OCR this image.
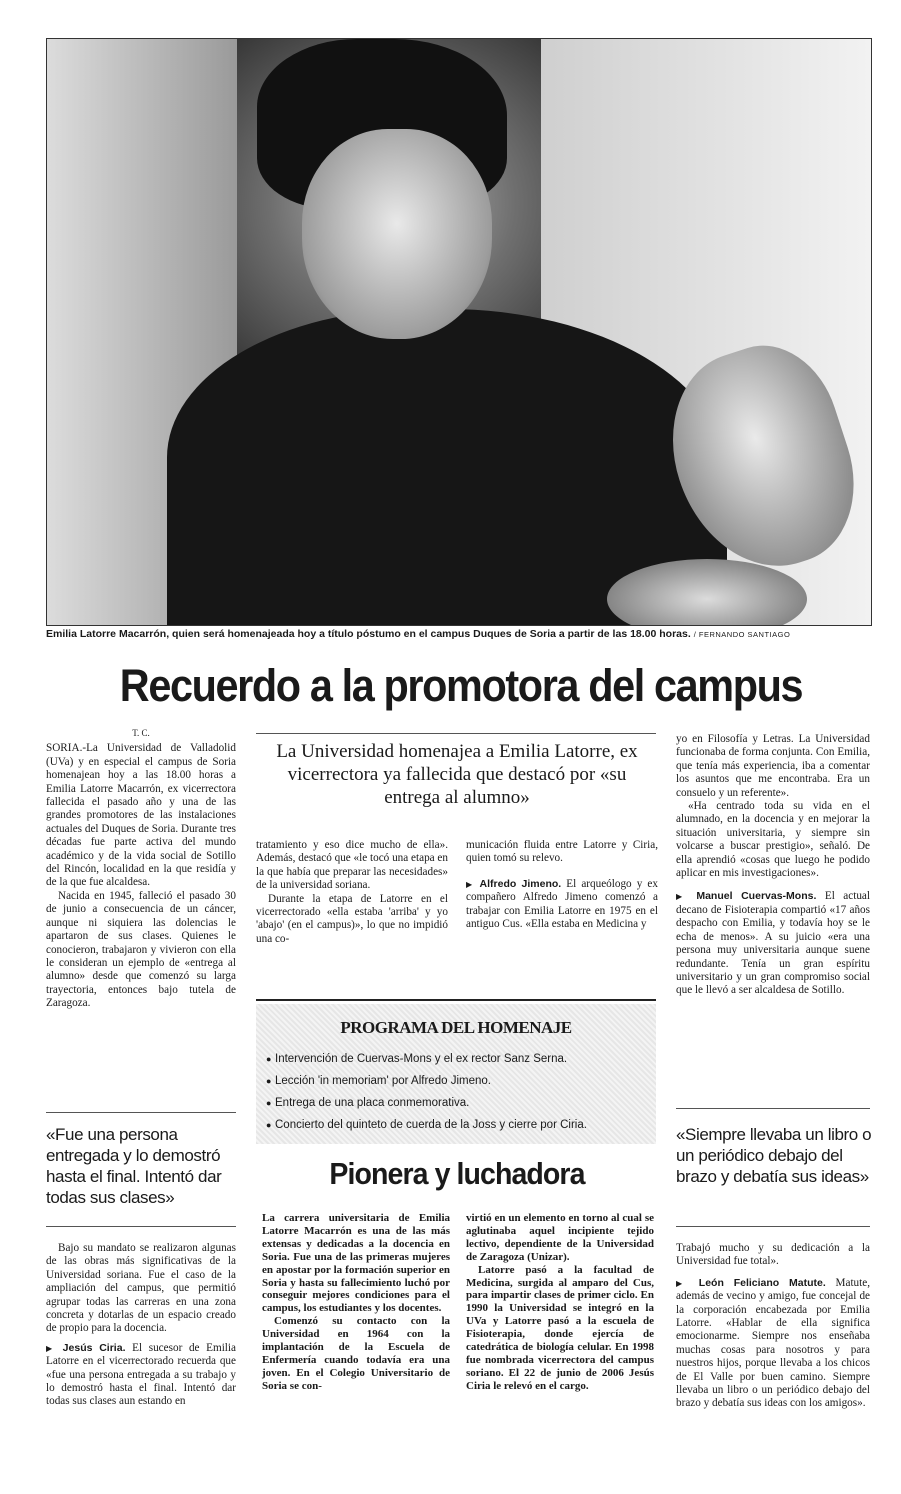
Emilia Latorre Macarrón, quien será homenajeada hoy a título póstumo en el campus Duques de Soria a partir de las 18.00 horas. / FERNANDO SANTIAGO
Recuerdo a la promotora del campus
T. C.

SORIA.-La Universidad de Valladolid (UVa) y en especial el campus de Soria homenajean hoy a las 18.00 horas a Emilia Latorre Macarrón, ex vicerrectora fallecida el pasado año y una de las grandes promotores de las instalaciones actuales del Duques de Soria. Durante tres décadas fue parte activa del mundo académico y de la vida social de Sotillo del Rincón, localidad en la que residía y de la que fue alcaldesa.

Nacida en 1945, falleció el pasado 30 de junio a consecuencia de un cáncer, aunque ni siquiera las dolencias le apartaron de sus clases. Quienes le conocieron, trabajaron y vivieron con ella le consideran un ejemplo de «entrega al alumno» desde que comenzó su larga trayectoria, entonces bajo tutela de Zaragoza.

«Fue una persona entregada y lo demostró hasta el final. Intentó dar todas sus clases»

Bajo su mandato se realizaron algunas de las obras más significativas de la Universidad soriana. Fue el caso de la ampliación del campus, que permitió agrupar todas las carreras en una zona concreta y dotarlas de un espacio creado de propio para la docencia.

▶ Jesús Ciria. El sucesor de Emilia Latorre en el vicerrectorado recuerda que «fue una persona entregada a su trabajo y lo demostró hasta el final. Intentó dar todas sus clases aun estando en

La Universidad homenajea a Emilia Latorre, ex vicerrectora ya fallecida que destacó por «su entrega al alumno»

tratamiento y eso dice mucho de ella». Además, destacó que «le tocó una etapa en la que había que preparar las necesidades» de la universidad soriana.

Durante la etapa de Latorre en el vicerrectorado «ella estaba 'arriba' y yo 'abajo' (en el campus)», lo que no impidió una co-

municación fluida entre Latorre y Ciria, quien tomó su relevo.

▶ Alfredo Jimeno. El arqueólogo y ex compañero Alfredo Jimeno comenzó a trabajar con Emilia Latorre en 1975 en el antiguo Cus. «Ella estaba en Medicina y

PROGRAMA DEL HOMENAJE
● Intervención de Cuervas-Mons y el ex rector Sanz Serna.
● Lección 'in memoriam' por Alfredo Jimeno.
● Entrega de una placa conmemorativa.
● Concierto del quinteto de cuerda de la Joss y cierre por Ciria.
Pionera y luchadora

La carrera universitaria de Emilia Latorre Macarrón es una de las más extensas y dedicadas a la docencia en Soria. Fue una de las primeras mujeres en apostar por la formación superior en Soria y hasta su fallecimiento luchó por conseguir mejores condiciones para el campus, los estudiantes y los docentes.

Comenzó su contacto con la Universidad en 1964 con la implantación de la Escuela de Enfermería cuando todavía era una joven. En el Colegio Universitario de Soria se con-

virtió en un elemento en torno al cual se aglutinaba aquel incipiente tejido lectivo, dependiente de la Universidad de Zaragoza (Unizar).

Latorre pasó a la facultad de Medicina, surgida al amparo del Cus, para impartir clases de primer ciclo. En 1990 la Universidad se integró en la UVa y Latorre pasó a la escuela de Fisioterapia, donde ejercía de catedrática de biología celular. En 1998 fue nombrada vicerrectora del campus soriano. El 22 de junio de 2006 Jesús Ciria le relevó en el cargo.

yo en Filosofía y Letras. La Universidad funcionaba de forma conjunta. Con Emilia, que tenía más experiencia, iba a comentar los asuntos que me encontraba. Era un consuelo y un referente».

«Ha centrado toda su vida en el alumnado, en la docencia y en mejorar la situación universitaria, y siempre sin volcarse a buscar prestigio», señaló. De ella aprendió «cosas que luego he podido aplicar en mis investigaciones».

▶ Manuel Cuervas-Mons. El actual decano de Fisioterapia compartió «17 años despacho con Emilia, y todavía hoy se le echa de menos». A su juicio «era una persona muy universitaria aunque suene redundante. Tenía un gran espíritu universitario y un gran compromiso social que le llevó a ser alcaldesa de Sotillo.

«Siempre llevaba un libro o un periódico debajo del brazo y debatía sus ideas»

Trabajó mucho y su dedicación a la Universidad fue total».

▶ León Feliciano Matute. Matute, además de vecino y amigo, fue concejal de la corporación encabezada por Emilia Latorre. «Hablar de ella significa emocionarme. Siempre nos enseñaba muchas cosas para nosotros y para nuestros hijos, porque llevaba a los chicos de El Valle por buen camino. Siempre llevaba un libro o un periódico debajo del brazo y debatía sus ideas con los amigos».
